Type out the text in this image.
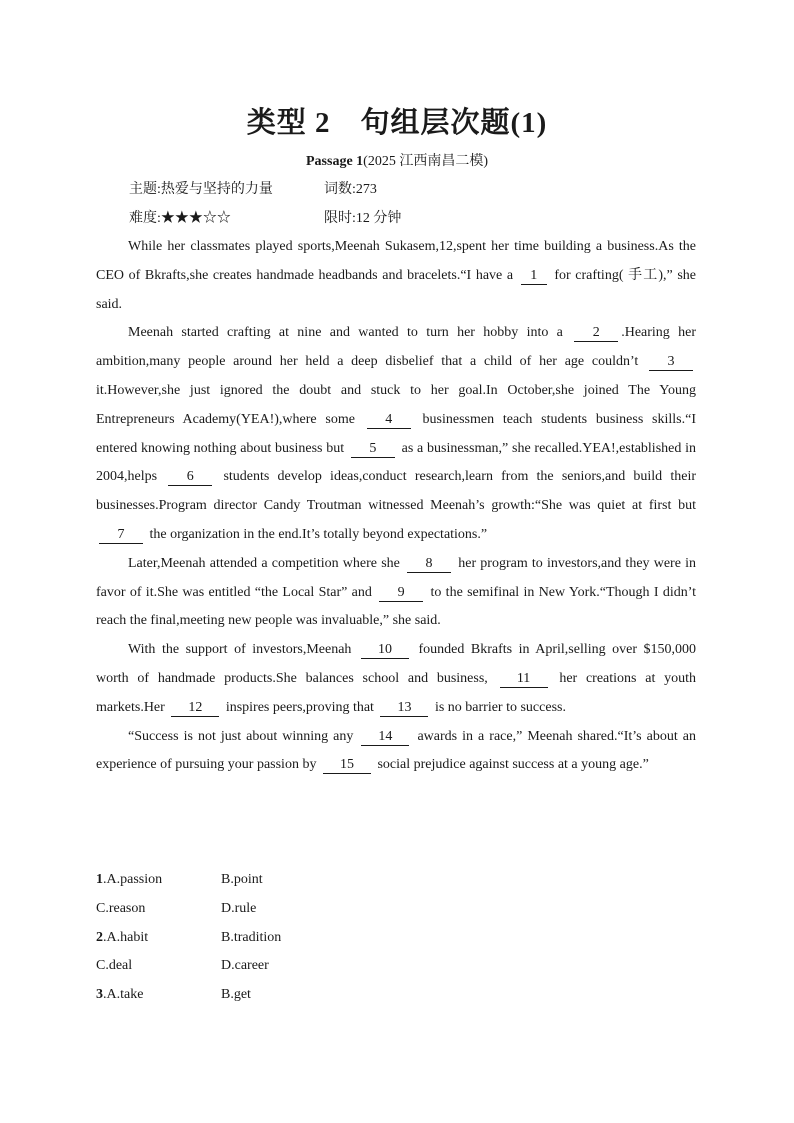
类型 2　句组层次题(1)
Passage 1(2025 江西南昌二模)
主题:热爱与坚持的力量	词数:273
难度:★★★☆☆	限时:12 分钟

While her classmates played sports,Meenah Sukasem,12,spent her time building a business.As the CEO of Bkrafts,she creates handmade headbands and bracelets.“I have a 1 for crafting( 手工),” she said.

Meenah started crafting at nine and wanted to turn her hobby into a 2 .Hearing her ambition,many people around her held a deep disbelief that a child of her age couldn’t 3 it.However,she just ignored the doubt and stuck to her goal.In October,she joined The Young Entrepreneurs Academy(YEA!),where some 4 businessmen teach students business skills.“I entered knowing nothing about business but 5 as a businessman,” she recalled.YEA!,established in 2004,helps 6 students develop ideas,conduct research,learn from the seniors,and build their businesses.Program director Candy Troutman witnessed Meenah’s growth:“She was quiet at first but 7 the organization in the end.It’s totally beyond expectations.”

Later,Meenah attended a competition where she 8 her program to investors,and they were in favor of it.She was entitled “the Local Star” and 9 to the semifinal in New York.“Though I didn’t reach the final,meeting new people was invaluable,” she said.

With the support of investors,Meenah 10 founded Bkrafts in April,selling over $150,000 worth of handmade products.She balances school and business, 11 her creations at youth markets.Her 12 inspires peers,proving that 13 is no barrier to success.

“Success is not just about winning any 14 awards in a race,” Meenah shared.“It’s about an experience of pursuing your passion by 15 social prejudice against success at a young age.”

1.A.passion	B.point
C.reason	D.rule
2.A.habit	B.tradition
C.deal	D.career
3.A.take	B.get
